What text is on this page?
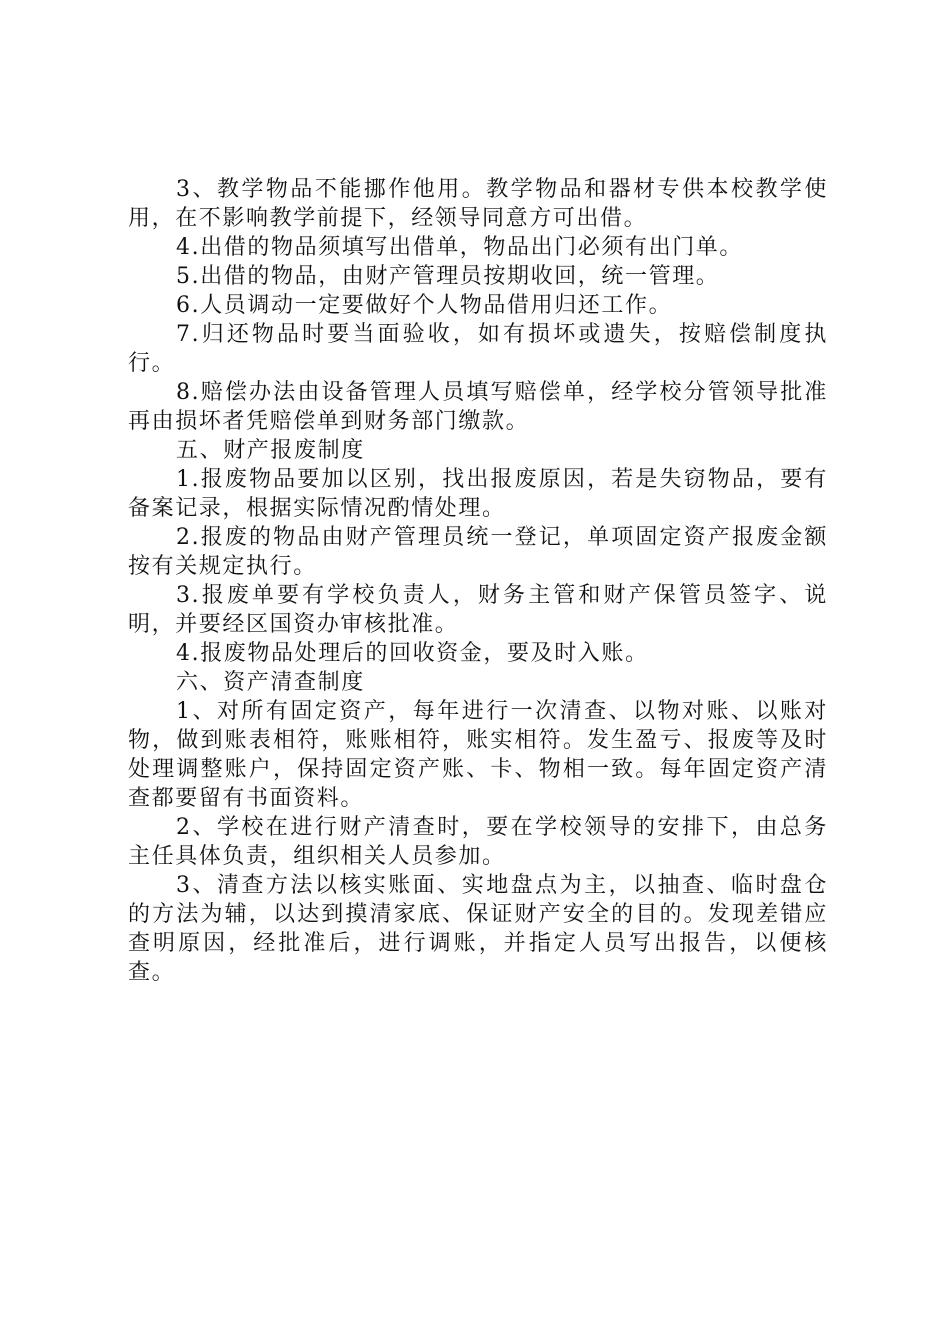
3、教学物品不能挪作他用。教学物品和器材专供本校教学使用，在不影响教学前提下，经领导同意方可出借。

4.出借的物品须填写出借单，物品出门必须有出门单。

5.出借的物品，由财产管理员按期收回，统一管理。

6.人员调动一定要做好个人物品借用归还工作。

7.归还物品时要当面验收，如有损坏或遗失，按赔偿制度执行。

8.赔偿办法由设备管理人员填写赔偿单，经学校分管领导批准再由损坏者凭赔偿单到财务部门缴款。

五、财产报废制度

1.报废物品要加以区别，找出报废原因，若是失窃物品，要有备案记录，根据实际情况酌情处理。

2.报废的物品由财产管理员统一登记，单项固定资产报废金额按有关规定执行。

3.报废单要有学校负责人，财务主管和财产保管员签字、说明，并要经区国资办审核批准。

4.报废物品处理后的回收资金，要及时入账。

六、资产清查制度

1、对所有固定资产，每年进行一次清查、以物对账、以账对物，做到账表相符，账账相符，账实相符。发生盈亏、报废等及时处理调整账户，保持固定资产账、卡、物相一致。每年固定资产清查都要留有书面资料。

2、学校在进行财产清查时，要在学校领导的安排下，由总务主任具体负责，组织相关人员参加。

3、清查方法以核实账面、实地盘点为主，以抽查、临时盘仓的方法为辅，以达到摸清家底、保证财产安全的目的。发现差错应查明原因，经批准后，进行调账，并指定人员写出报告，以便核查。
